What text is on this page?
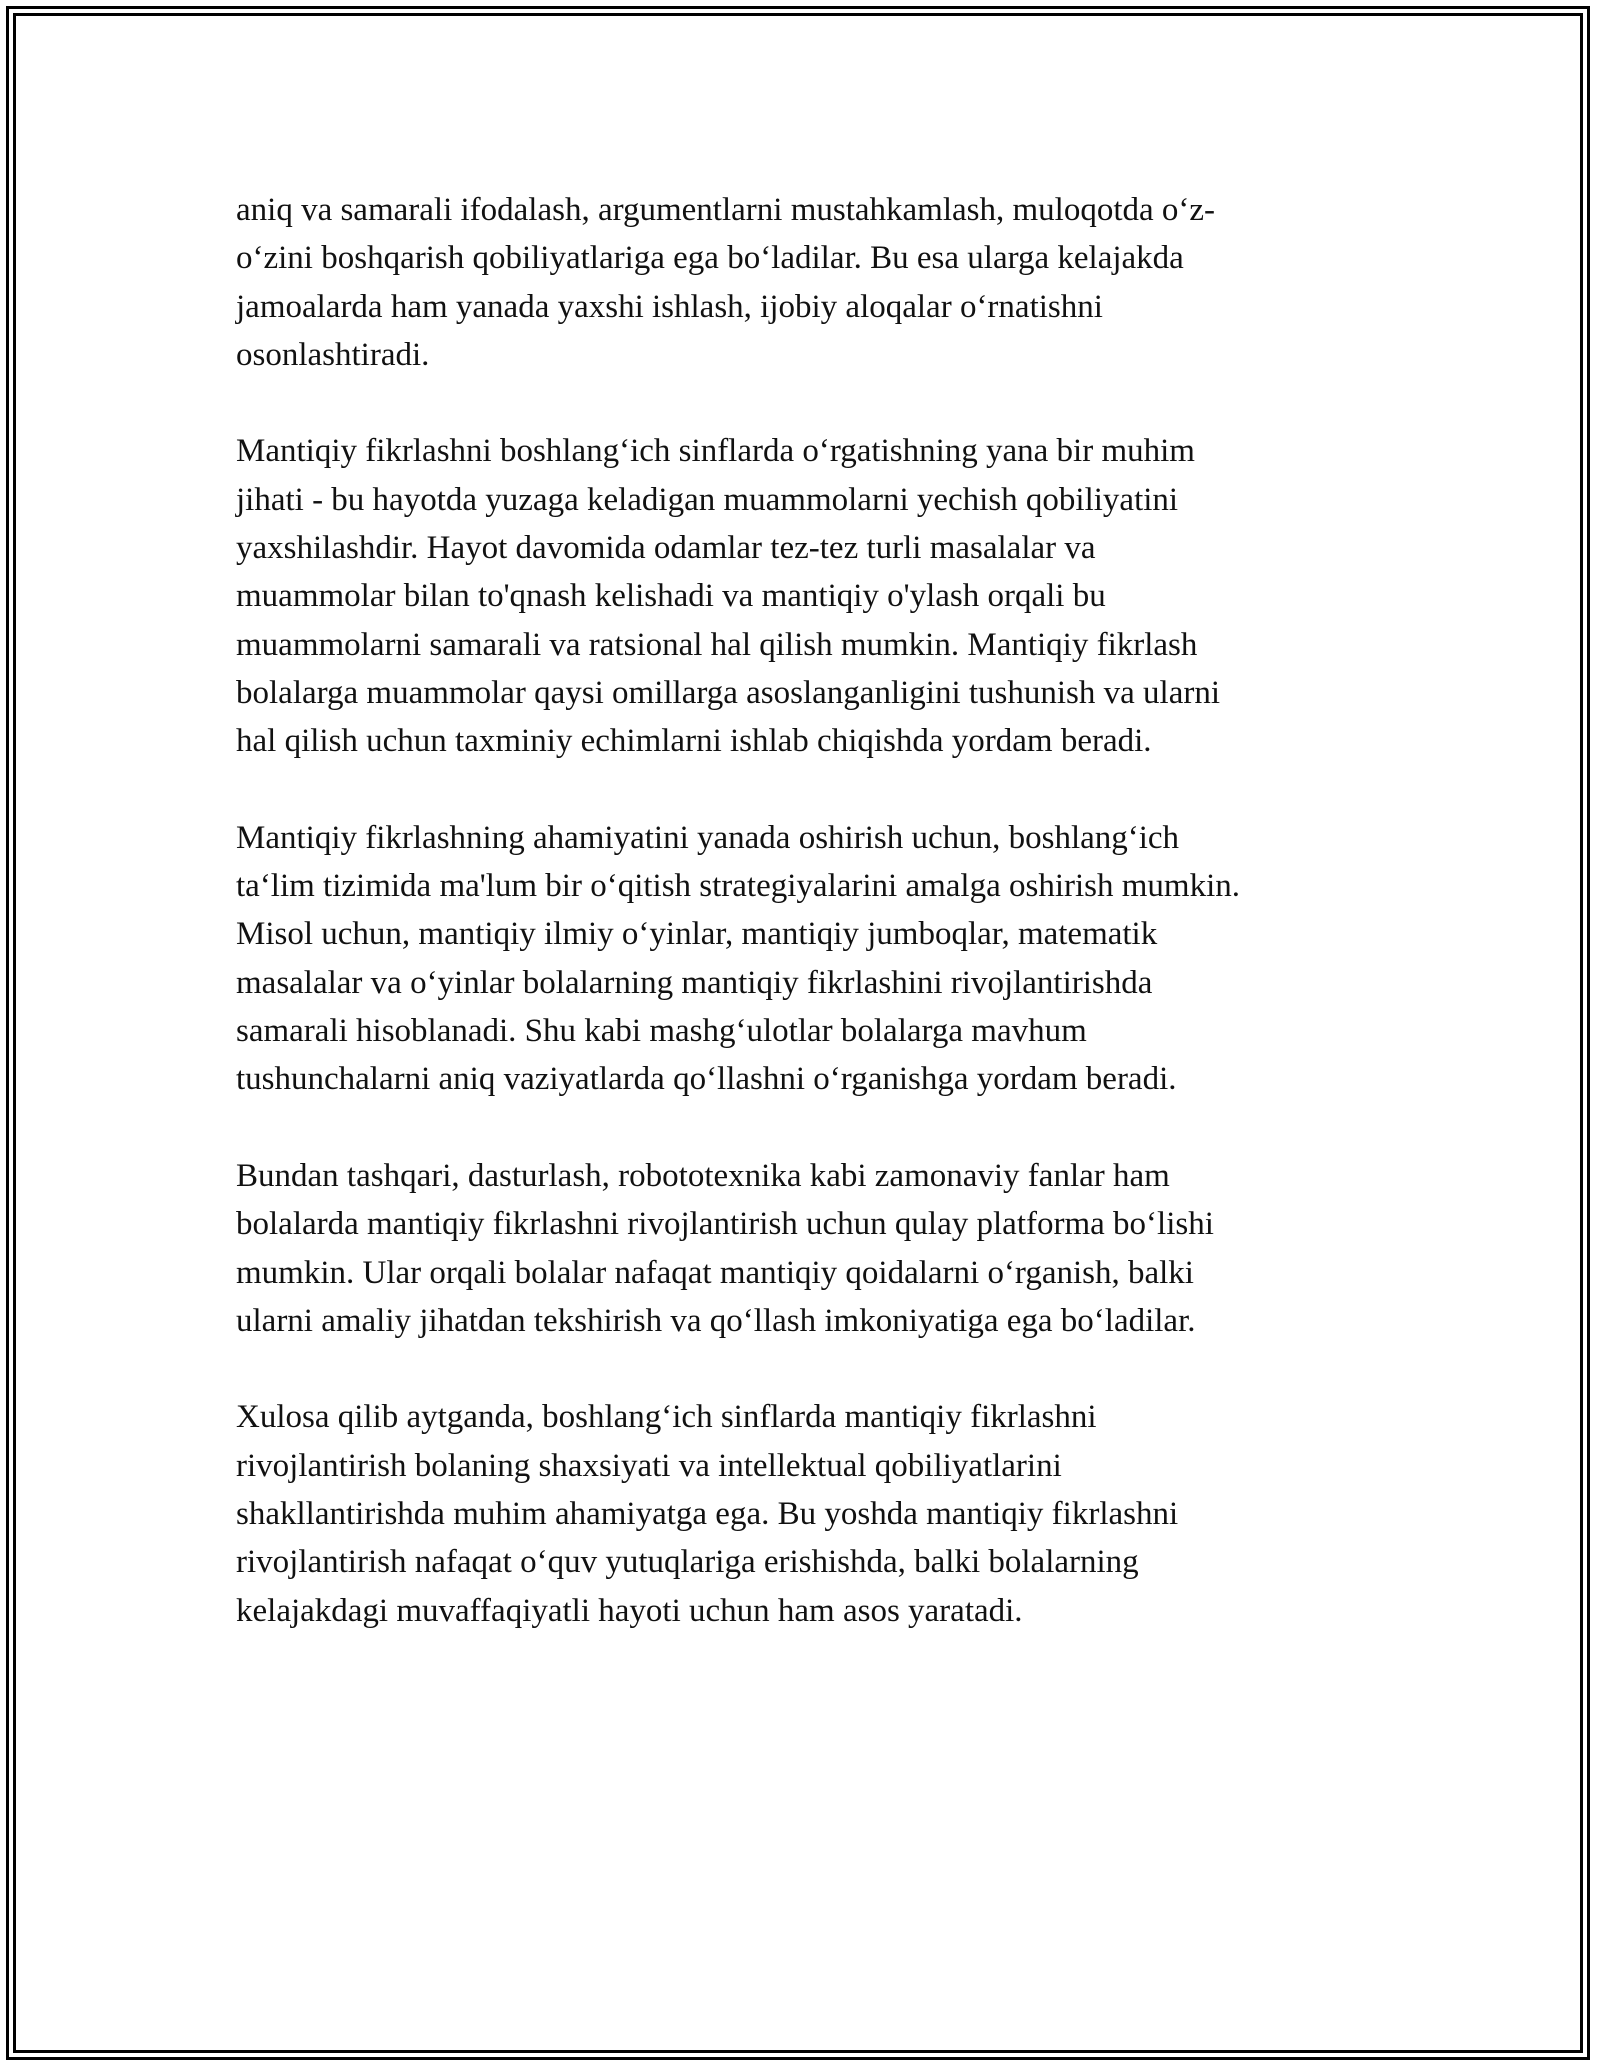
aniq va samarali ifodalash, argumentlarni mustahkamlash, muloqotda o‘z-
o‘zini boshqarish qobiliyatlariga ega bo‘ladilar. Bu esa ularga kelajakda
jamoalarda ham yanada yaxshi ishlash, ijobiy aloqalar o‘rnatishni
osonlashtiradi.

Mantiqiy fikrlashni boshlang‘ich sinflarda o‘rgatishning yana bir muhim
jihati - bu hayotda yuzaga keladigan muammolarni yechish qobiliyatini
yaxshilashdir. Hayot davomida odamlar tez-tez turli masalalar va
muammolar bilan to'qnash kelishadi va mantiqiy o'ylash orqali bu
muammolarni samarali va ratsional hal qilish mumkin. Mantiqiy fikrlash
bolalarga muammolar qaysi omillarga asoslanganligini tushunish va ularni
hal qilish uchun taxminiy echimlarni ishlab chiqishda yordam beradi.

Mantiqiy fikrlashning ahamiyatini yanada oshirish uchun, boshlang‘ich
ta‘lim tizimida ma'lum bir o‘qitish strategiyalarini amalga oshirish mumkin.
Misol uchun, mantiqiy ilmiy o‘yinlar, mantiqiy jumboqlar, matematik
masalalar va o‘yinlar bolalarning mantiqiy fikrlashini rivojlantirishda
samarali hisoblanadi. Shu kabi mashg‘ulotlar bolalarga mavhum
tushunchalarni aniq vaziyatlarda qo‘llashni o‘rganishga yordam beradi.

Bundan tashqari, dasturlash, robototexnika kabi zamonaviy fanlar ham
bolalarda mantiqiy fikrlashni rivojlantirish uchun qulay platforma bo‘lishi
mumkin. Ular orqali bolalar nafaqat mantiqiy qoidalarni o‘rganish, balki
ularni amaliy jihatdan tekshirish va qo‘llash imkoniyatiga ega bo‘ladilar.

Xulosa qilib aytganda, boshlang‘ich sinflarda mantiqiy fikrlashni
rivojlantirish bolaning shaxsiyati va intellektual qobiliyatlarini
shakllantirishda muhim ahamiyatga ega. Bu yoshda mantiqiy fikrlashni
rivojlantirish nafaqat o‘quv yutuqlariga erishishda, balki bolalarning
kelajakdagi muvaffaqiyatli hayoti uchun ham asos yaratadi.
